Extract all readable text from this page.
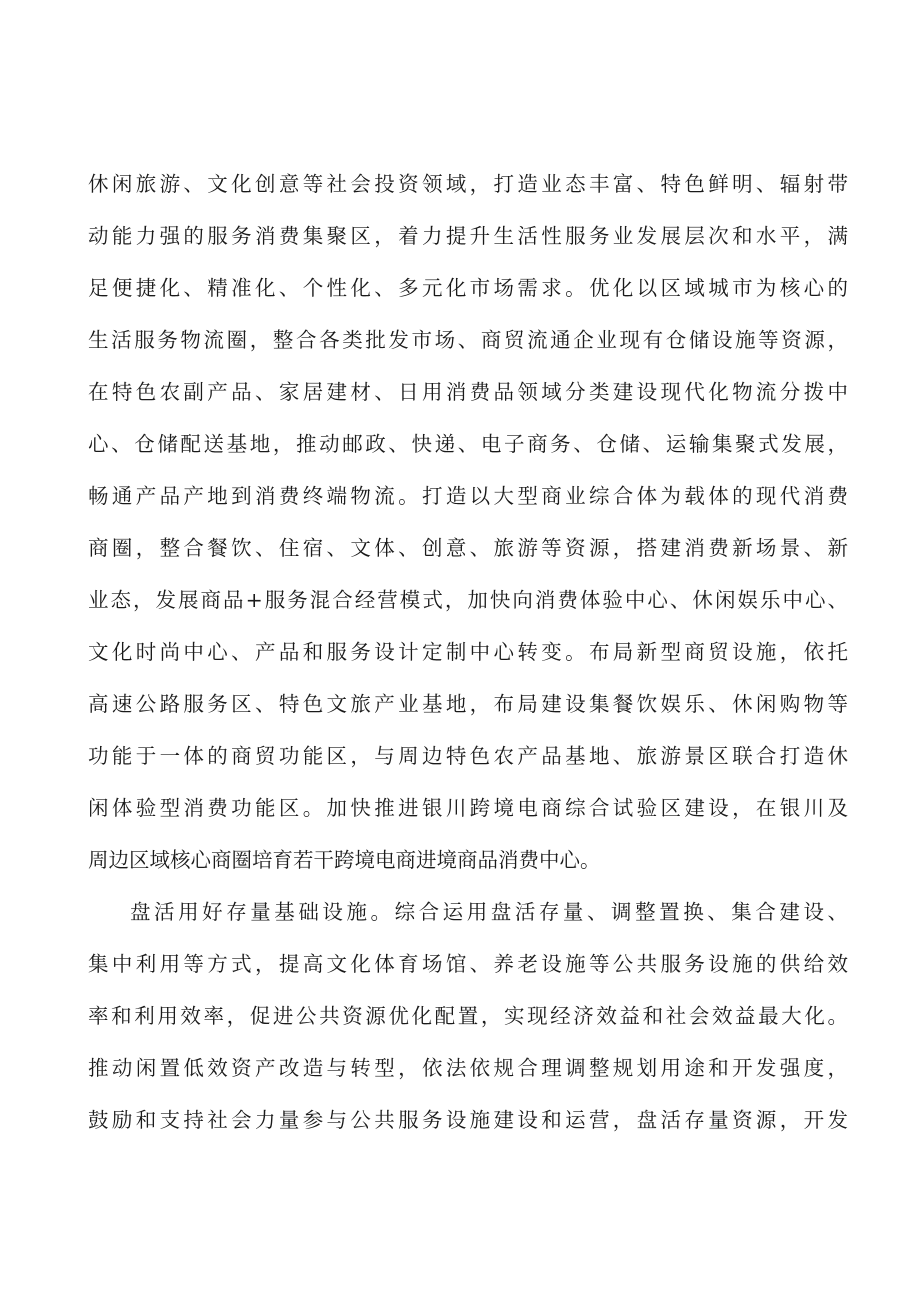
休闲旅游、文化创意等社会投资领域，打造业态丰富、特色鲜明、辐射带
动能力强的服务消费集聚区，着力提升生活性服务业发展层次和水平，满
足便捷化、精准化、个性化、多元化市场需求。优化以区域城市为核心的
生活服务物流圈，整合各类批发市场、商贸流通企业现有仓储设施等资源，
在特色农副产品、家居建材、日用消费品领域分类建设现代化物流分拨中
心、仓储配送基地，推动邮政、快递、电子商务、仓储、运输集聚式发展，
畅通产品产地到消费终端物流。打造以大型商业综合体为载体的现代消费
商圈，整合餐饮、住宿、文体、创意、旅游等资源，搭建消费新场景、新
业态，发展商品+服务混合经营模式，加快向消费体验中心、休闲娱乐中心、
文化时尚中心、产品和服务设计定制中心转变。布局新型商贸设施，依托
高速公路服务区、特色文旅产业基地，布局建设集餐饮娱乐、休闲购物等
功能于一体的商贸功能区，与周边特色农产品基地、旅游景区联合打造休
闲体验型消费功能区。加快推进银川跨境电商综合试验区建设，在银川及
周边区域核心商圈培育若干跨境电商进境商品消费中心。
盘活用好存量基础设施。综合运用盘活存量、调整置换、集合建设、
集中利用等方式，提高文化体育场馆、养老设施等公共服务设施的供给效
率和利用效率，促进公共资源优化配置，实现经济效益和社会效益最大化。
推动闲置低效资产改造与转型，依法依规合理调整规划用途和开发强度，
鼓励和支持社会力量参与公共服务设施建设和运营，盘活存量资源，开发
